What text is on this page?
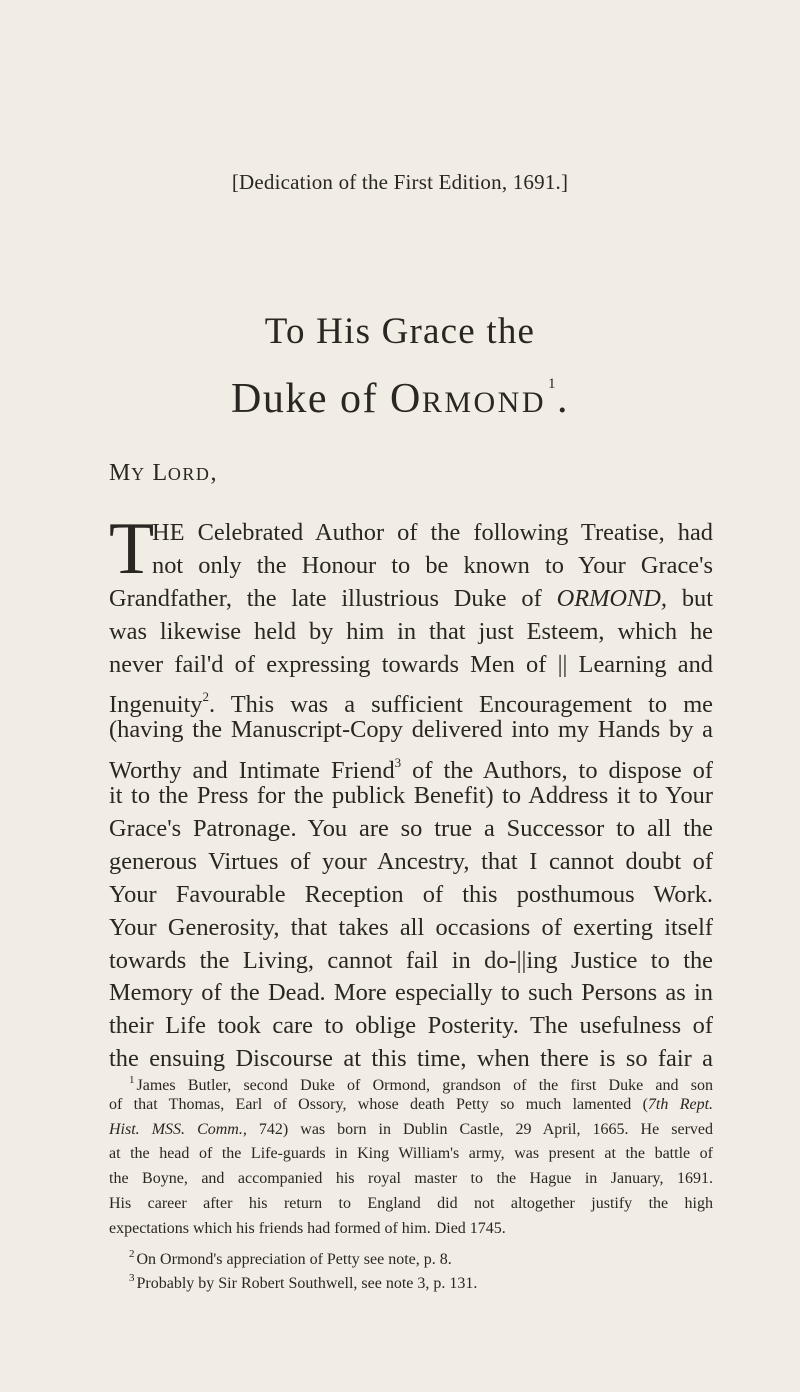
[Dedication of the First Edition, 1691.]
To His Grace the
Duke of ORMOND$^1$.
MY LORD,
T
HE Celebrated Author of the following Treatise, had
not only the Honour to be known to Your Grace's
Grandfather, the late illustrious Duke of ORMOND, but
was likewise held by him in that just Esteem, which he
never fail'd of expressing towards Men of || Learning and
Ingenuity$^2$. This was a sufficient Encouragement to me
(having the Manuscript-Copy delivered into my Hands by a
Worthy and Intimate Friend$^3$ of the Authors, to dispose of
it to the Press for the publick Benefit) to Address it to Your
Grace's Patronage. You are so true a Successor to all the
generous Virtues of your Ancestry, that I cannot doubt of
Your Favourable Reception of this posthumous Work.
Your Generosity, that takes all occasions of exerting itself
towards the Living, cannot fail in do-||ing Justice to the
Memory of the Dead. More especially to such Persons as in
their Life took care to oblige Posterity. The usefulness of
the ensuing Discourse at this time, when there is so fair a
$^1$ James Butler, second Duke of Ormond, grandson of the first Duke and son
of that Thomas, Earl of Ossory, whose death Petty so much lamented (7th Rept.
Hist. MSS. Comm., 742) was born in Dublin Castle, 29 April, 1665. He served
at the head of the Life-guards in King William's army, was present at the battle of
the Boyne, and accompanied his royal master to the Hague in January, 1691.
His career after his return to England did not altogether justify the high
expectations which his friends had formed of him. Died 1745.
$^2$ On Ormond's appreciation of Petty see note, p. 8.
$^3$ Probably by Sir Robert Southwell, see note 3, p. 131.
